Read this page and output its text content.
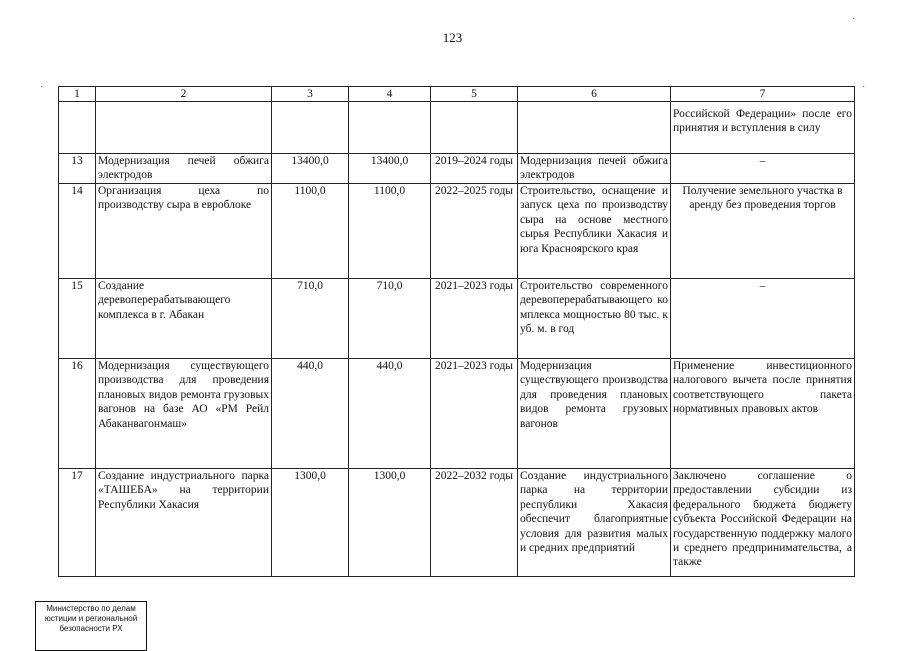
123
·	·
·
1	2	3	4	5	6	7
						Российской Федерации» после его принятия и вступления в силу
13	Модернизация печей обжига электродов	13400,0	13400,0	2019–2024 годы	Модернизация печей обжига электродов	–
14	Организация цеха по производству сыра в евроблоке	1100,0	1100,0	2022–2025 годы	Строительство, оснащение и запуск цеха по производству сыра на основе местного сырья Республики Хакасия и юга Красноярского края	Получение земельного участка в аренду без проведения торгов
15	Создание деревоперерабатывающего комплекса в г. Абакан	710,0	710,0	2021–2023 годы	Строительство современного деревоперерабатывающего комплекса мощностью 80 тыс. куб. м. в год	–
16	Модернизация существующего производства для проведения плановых видов ремонта грузовых вагонов на базе АО «РМ Рейл Абаканвагонмаш»	440,0	440,0	2021–2023 годы	Модернизация существующего производства для проведения плановых видов ремонта грузовых вагонов	Применение инвестиционного налогового вычета после принятия соответствующего пакета нормативных правовых актов
17	Создание индустриального парка «ТАШЕБА» на территории Республики Хакасия	1300,0	1300,0	2022–2032 годы	Создание индустриального парка на территории республики Хакасия обеспечит благоприятные условия для развития малых и средних предприятий	Заключено соглашение о предоставлении субсидии из федерального бюджета бюджету субъекта Российской Федерации на государственную поддержку малого и среднего предпринимательства, а также
Министерство по делам
юстиции и региональной
безопасности РХ
